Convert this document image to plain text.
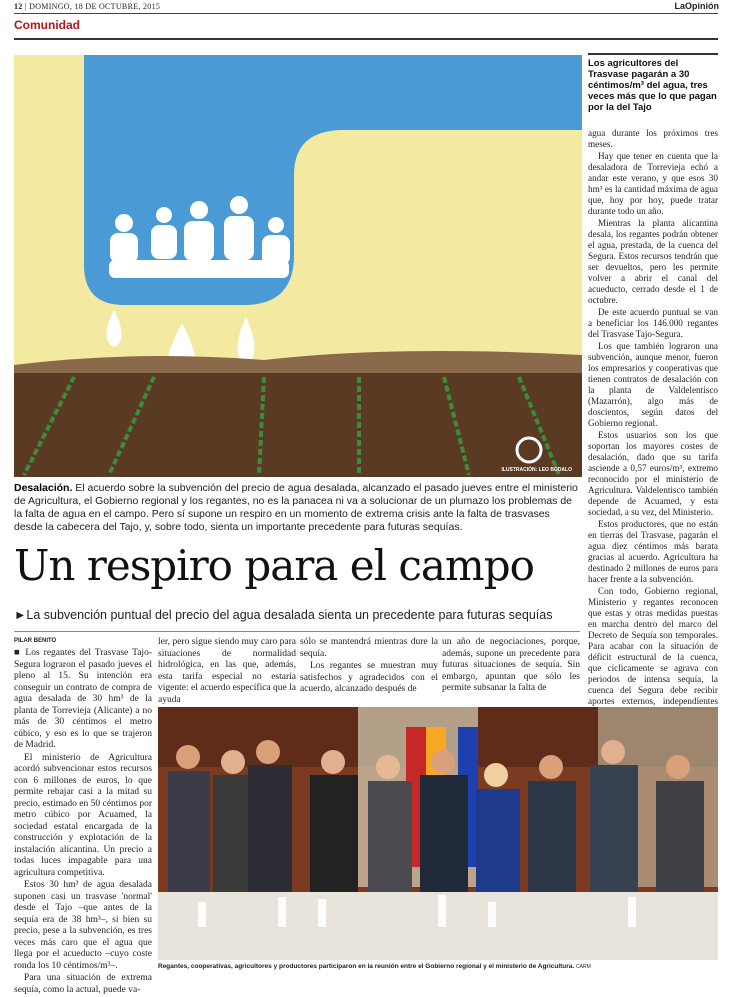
12 | DOMINGO, 18 DE OCTUBRE, 2015	LaOpinión
Comunidad
ILUSTRACIÓN: LEO BÓDALO
Desalación. El acuerdo sobre la subvención del precio de agua desalada, alcanzado el pasado jueves entre el ministerio de Agricultura, el Gobierno regional y los regantes, no es la panacea ni va a solucionar de un plumazo los problemas de la falta de agua en el campo. Pero sí supone un respiro en un momento de extrema crisis ante la falta de trasvases desde la cabecera del Tajo, y, sobre todo, sienta un importante precedente para futuras sequías.
Un respiro para el campo
►La subvención puntual del precio del agua desalada sienta un precedente para futuras sequías
PILAR BENITO

■ Los regantes del Trasvase Tajo-Segura lograron el pasado jueves el pleno al 15. Su intención era conseguir un contrato de compra de agua desalada de 30 hm³ de la planta de Torrevieja (Alicante) a no más de 30 céntimos el metro cúbico, y eso es lo que se trajeron de Madrid.

El ministerio de Agricultura acordó subvencionar estos recursos con 6 millones de euros, lo que permite rebajar casi a la mitad su precio, estimado en 50 céntimos por metro cúbico por Acuamed, la sociedad estatal encargada de la construcción y explotación de la instalación alicantina. Un precio a todas luces impagable para una agricultura competitiva.

Estos 30 hm³ de agua desalada suponen casi un trasvase 'normal' desde el Tajo –que antes de la sequía era de 38 hm³–, si bien su precio, pese a la subvención, es tres veces más caro que el agua que llega por el acueducto –cuyo coste ronda los 10 céntimos/m³–.

Para una situación de extrema sequía, como la actual, puede va-

ler, pero sigue siendo muy caro para situaciones de normalidad hidrológica, en las que, además, esta tarifa especial no estaría vigente: el acuerdo específica que la ayuda

sólo se mantendrá mientras dure la sequía.

Los regantes se muestran muy satisfechos y agradecidos con el acuerdo, alcanzado después de

un año de negociaciones, porque, además, supone un precedente para futuras situaciones de sequía. Sin embargo, apuntan que sólo les permite subsanar la falta de

Los agricultores del Trasvase pagarán a 30 céntimos/m³ del agua, tres veces más que lo que pagan por la del Tajo

agua durante los próximos tres meses.

Hay que tener en cuenta que la desaladora de Torrevieja echó a andar este verano, y que esos 30 hm³ es la cantidad máxima de agua que, hoy por hoy, puede tratar durante todo un año.

Mientras la planta alicantina desala, los regantes podrán obtener el agua, prestada, de la cuenca del Segura. Estos recursos tendrán que ser devueltos, pero les permite volver a abrir el canal del acueducto, cerrado desde el 1 de octubre.

De este acuerdo puntual se van a beneficiar los 146.000 regantes del Trasvase Tajo-Segura.

Los que también lograron una subvención, aunque menor, fueron los empresarios y cooperativas que tienen contratos de desalación con la planta de Valdelentisco (Mazarrón), algo más de doscientos, según datos del Gobierno regional.

Estos usuarios son los que soportan los mayores costes de desalación, dado que su tarifa asciende a 0,57 euros/m³, extremo reconocido por el ministerio de Agricultura. Valdelentisco también depende de Acuamed, y esta sociedad, a su vez, del Ministerio.

Estos productores, que no están en tierras del Trasvase, pagarán el agua diez céntimos más barata gracias al acuerdo. Agricultura ha destinado 2 millones de euros para hacer frente a la subvención.

Con todo, Gobierno regional, Ministerio y regantes reconocen que estas y otras medidas puestas en marcha dentro del marco del Decreto de Sequía son temporales. Para acabar con la situación de déficit estructural de la cuenca, que cíclicamente se agrava con periodos de intensa sequía, la cuenca del Segura debe recibir aportes externos, independientes

Regantes, cooperativas, agricultores y productores participaron en la reunión entre el Gobierno regional y el ministerio de Agricultura. CARM
